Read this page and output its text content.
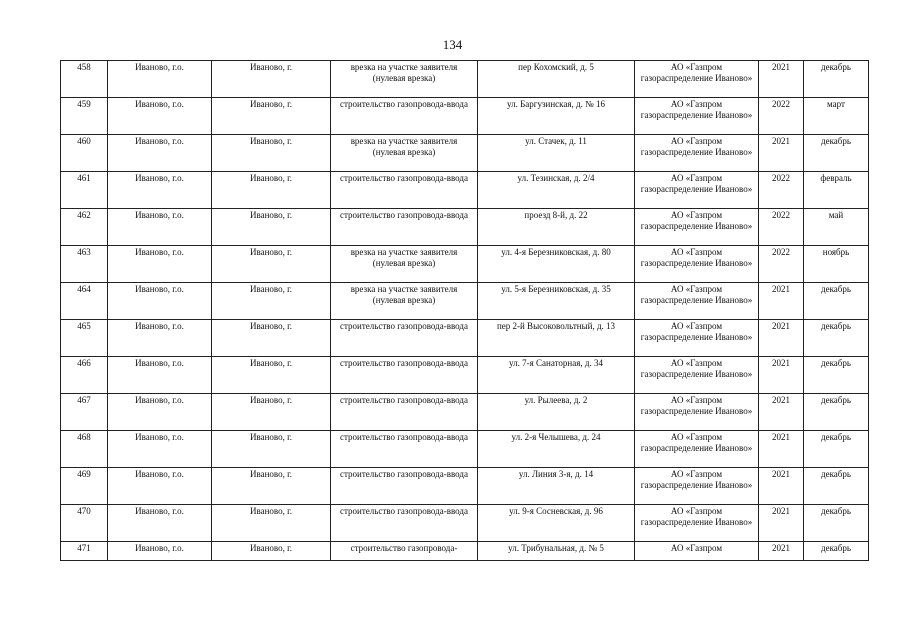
134
458	Иваново, г.о.	Иваново, г.	врезка на участке заявителя (нулевая врезка)	пер Кохомский, д. 5	АО «Газпром газораспределение Иваново»	2021	декабрь
459	Иваново, г.о.	Иваново, г.	строительство газопровода-ввода	ул. Баргузинская, д. № 16	АО «Газпром газораспределение Иваново»	2022	март
460	Иваново, г.о.	Иваново, г.	врезка на участке заявителя (нулевая врезка)	ул. Стачек, д. 11	АО «Газпром газораспределение Иваново»	2021	декабрь
461	Иваново, г.о.	Иваново, г.	строительство газопровода-ввода	ул. Тезинская, д. 2/4	АО «Газпром газораспределение Иваново»	2022	февраль
462	Иваново, г.о.	Иваново, г.	строительство газопровода-ввода	проезд 8-й, д. 22	АО «Газпром газораспределение Иваново»	2022	май
463	Иваново, г.о.	Иваново, г.	врезка на участке заявителя (нулевая врезка)	ул. 4-я Березниковская, д. 80	АО «Газпром газораспределение Иваново»	2022	ноябрь
464	Иваново, г.о.	Иваново, г.	врезка на участке заявителя (нулевая врезка)	ул. 5-я Березниковская, д. 35	АО «Газпром газораспределение Иваново»	2021	декабрь
465	Иваново, г.о.	Иваново, г.	строительство газопровода-ввода	пер 2-й Высоковольтный, д. 13	АО «Газпром газораспределение Иваново»	2021	декабрь
466	Иваново, г.о.	Иваново, г.	строительство газопровода-ввода	ул. 7-я Санаторная, д. 34	АО «Газпром газораспределение Иваново»	2021	декабрь
467	Иваново, г.о.	Иваново, г.	строительство газопровода-ввода	ул. Рылеева, д. 2	АО «Газпром газораспределение Иваново»	2021	декабрь
468	Иваново, г.о.	Иваново, г.	строительство газопровода-ввода	ул. 2-я Челышева, д. 24	АО «Газпром газораспределение Иваново»	2021	декабрь
469	Иваново, г.о.	Иваново, г.	строительство газопровода-ввода	ул. Линия 3-я, д. 14	АО «Газпром газораспределение Иваново»	2021	декабрь
470	Иваново, г.о.	Иваново, г.	строительство газопровода-ввода	ул. 9-я Сосневская, д. 96	АО «Газпром газораспределение Иваново»	2021	декабрь
471	Иваново, г.о.	Иваново, г.	строительство газопровода-	ул. Трибунальная, д. № 5	АО «Газпром	2021	декабрь
